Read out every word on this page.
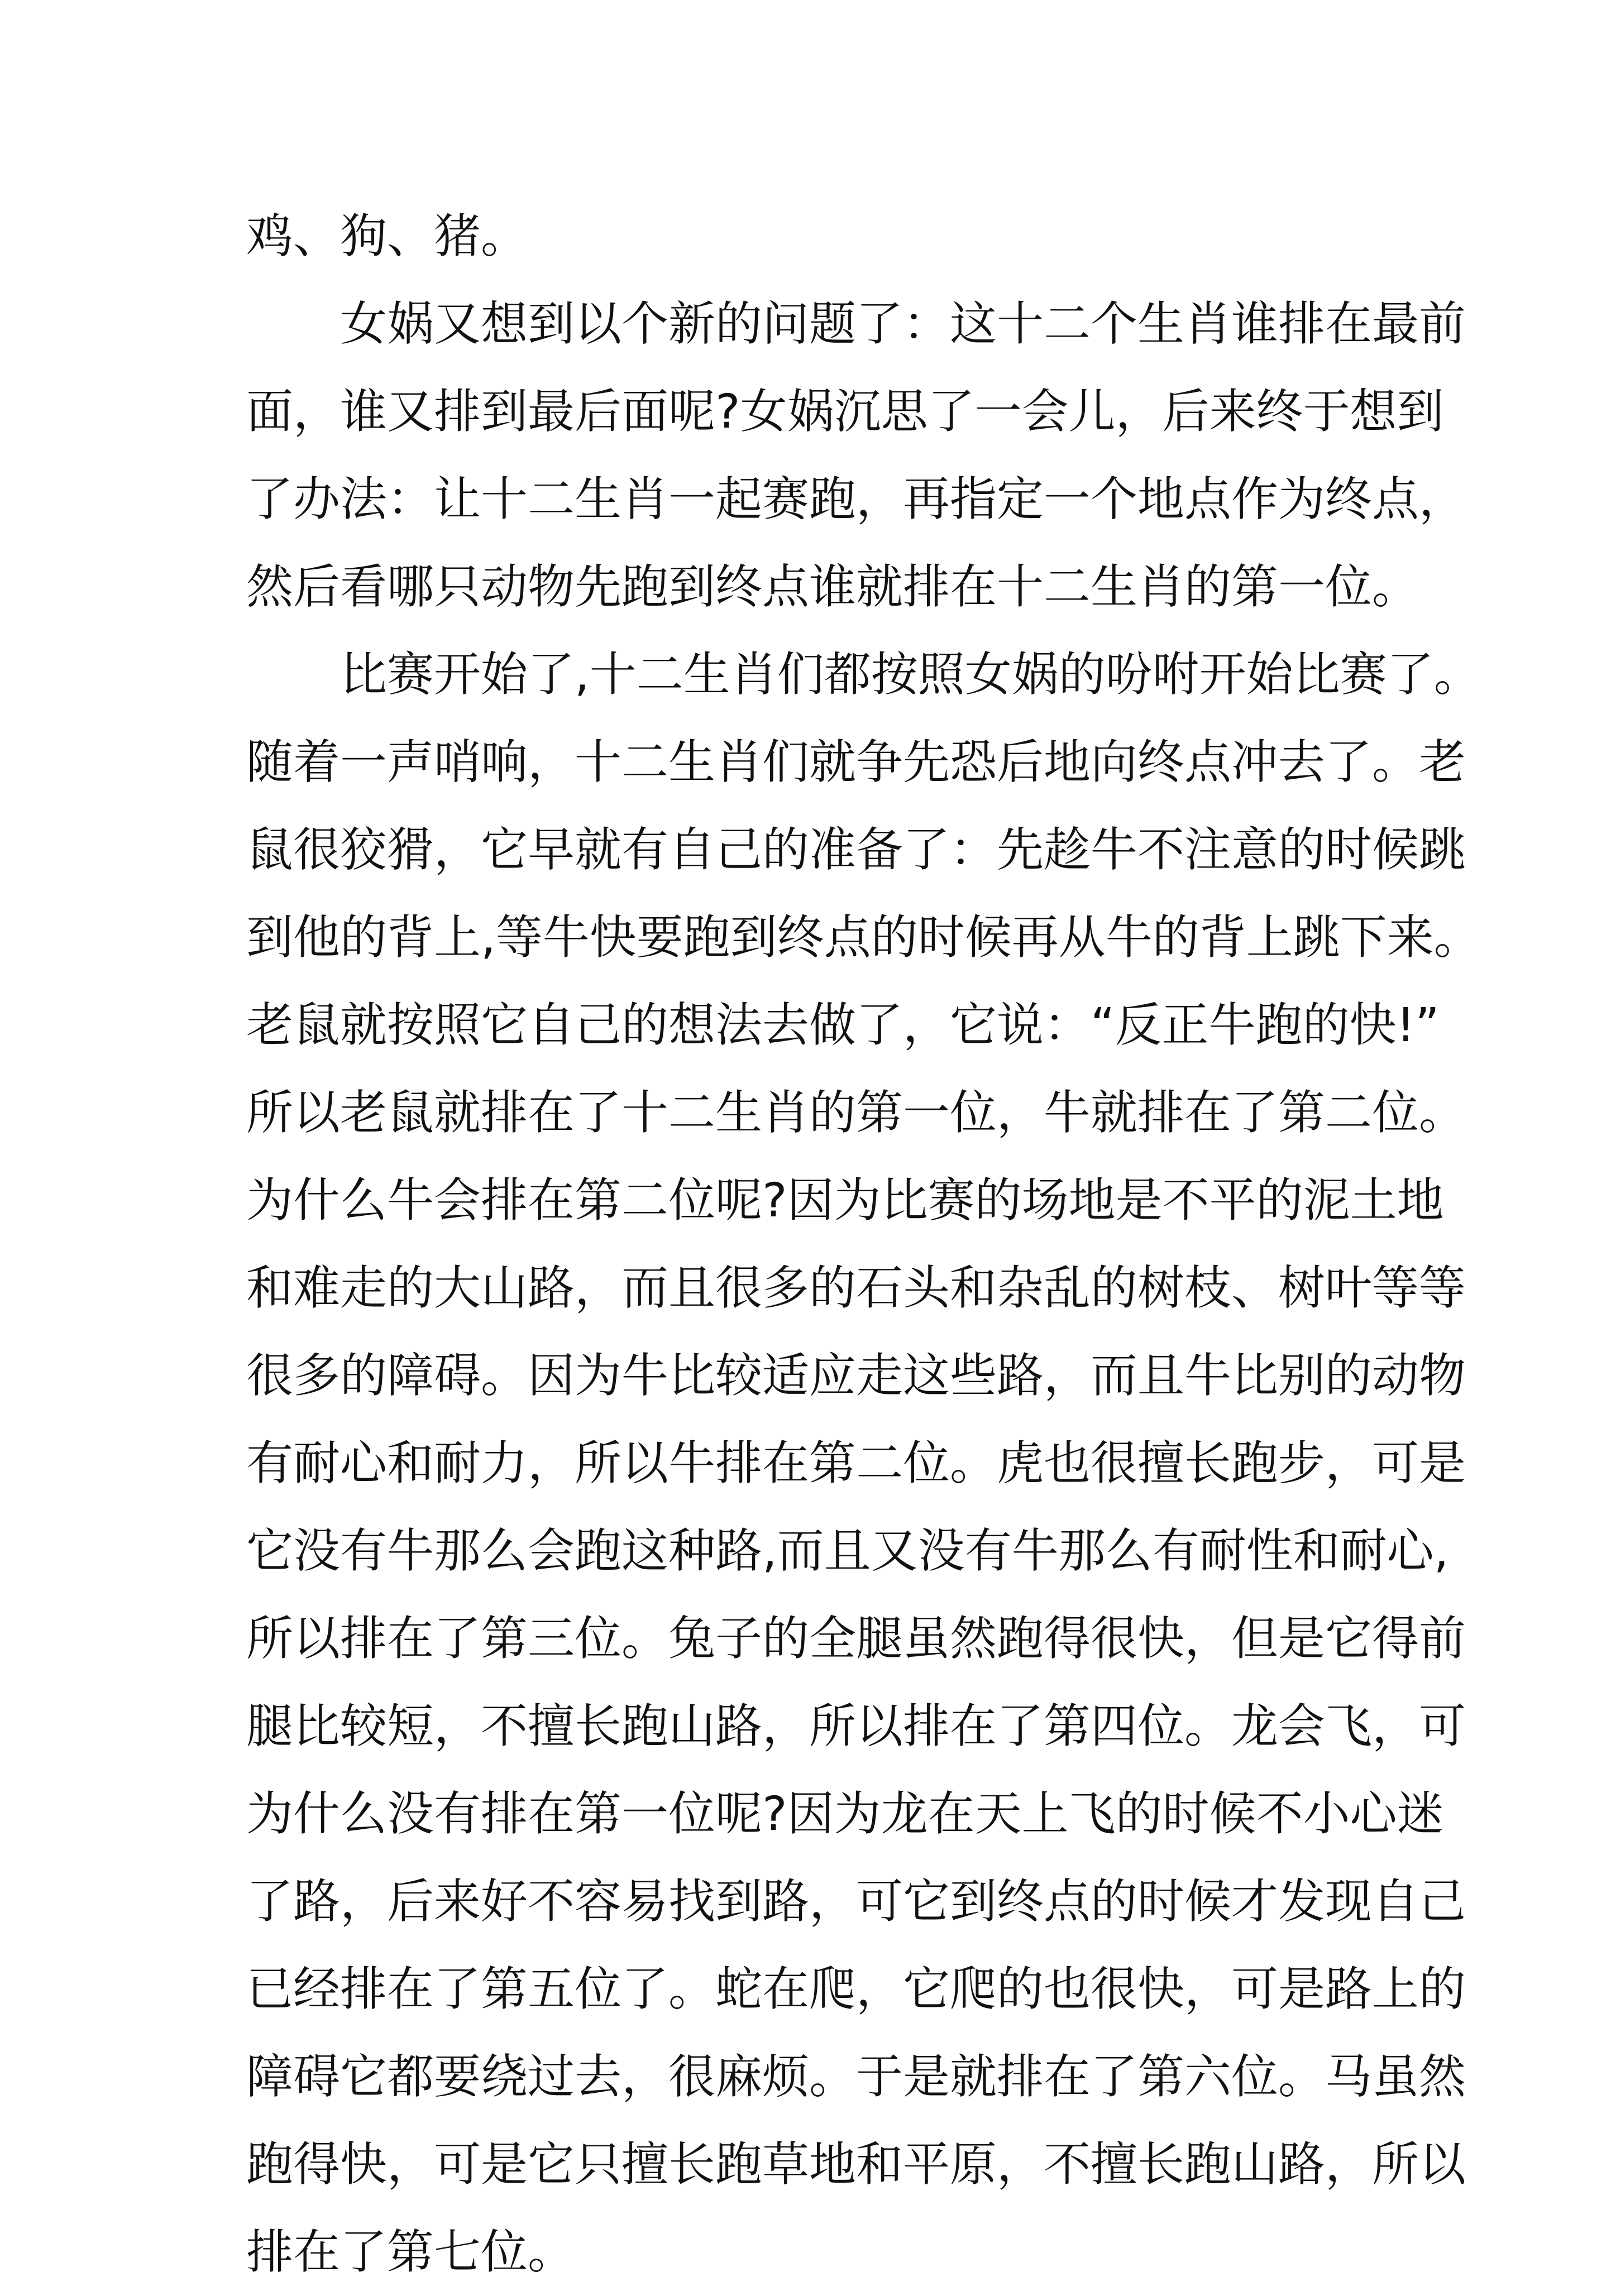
鸡、狗、猪。
女娲又想到以个新的问题了：这十二个生肖谁排在最前
面，谁又排到最后面呢?女娲沉思了一会儿，后来终于想到
了办法：让十二生肖一起赛跑，再指定一个地点作为终点，
然后看哪只动物先跑到终点谁就排在十二生肖的第一位。
比赛开始了,十二生肖们都按照女娲的吩咐开始比赛了。
随着一声哨响，十二生肖们就争先恐后地向终点冲去了。老
鼠很狡猾，它早就有自己的准备了：先趁牛不注意的时候跳
到他的背上,等牛快要跑到终点的时候再从牛的背上跳下来。
老鼠就按照它自己的想法去做了，它说：“反正牛跑的快!”
所以老鼠就排在了十二生肖的第一位，牛就排在了第二位。
为什么牛会排在第二位呢?因为比赛的场地是不平的泥土地
和难走的大山路，而且很多的石头和杂乱的树枝、树叶等等
很多的障碍。因为牛比较适应走这些路，而且牛比别的动物
有耐心和耐力，所以牛排在第二位。虎也很擅长跑步，可是
它没有牛那么会跑这种路,而且又没有牛那么有耐性和耐心,
所以排在了第三位。兔子的全腿虽然跑得很快，但是它得前
腿比较短，不擅长跑山路，所以排在了第四位。龙会飞，可
为什么没有排在第一位呢?因为龙在天上飞的时候不小心迷
了路，后来好不容易找到路，可它到终点的时候才发现自己
已经排在了第五位了。蛇在爬，它爬的也很快，可是路上的
障碍它都要绕过去，很麻烦。于是就排在了第六位。马虽然
跑得快，可是它只擅长跑草地和平原，不擅长跑山路，所以
排在了第七位。
